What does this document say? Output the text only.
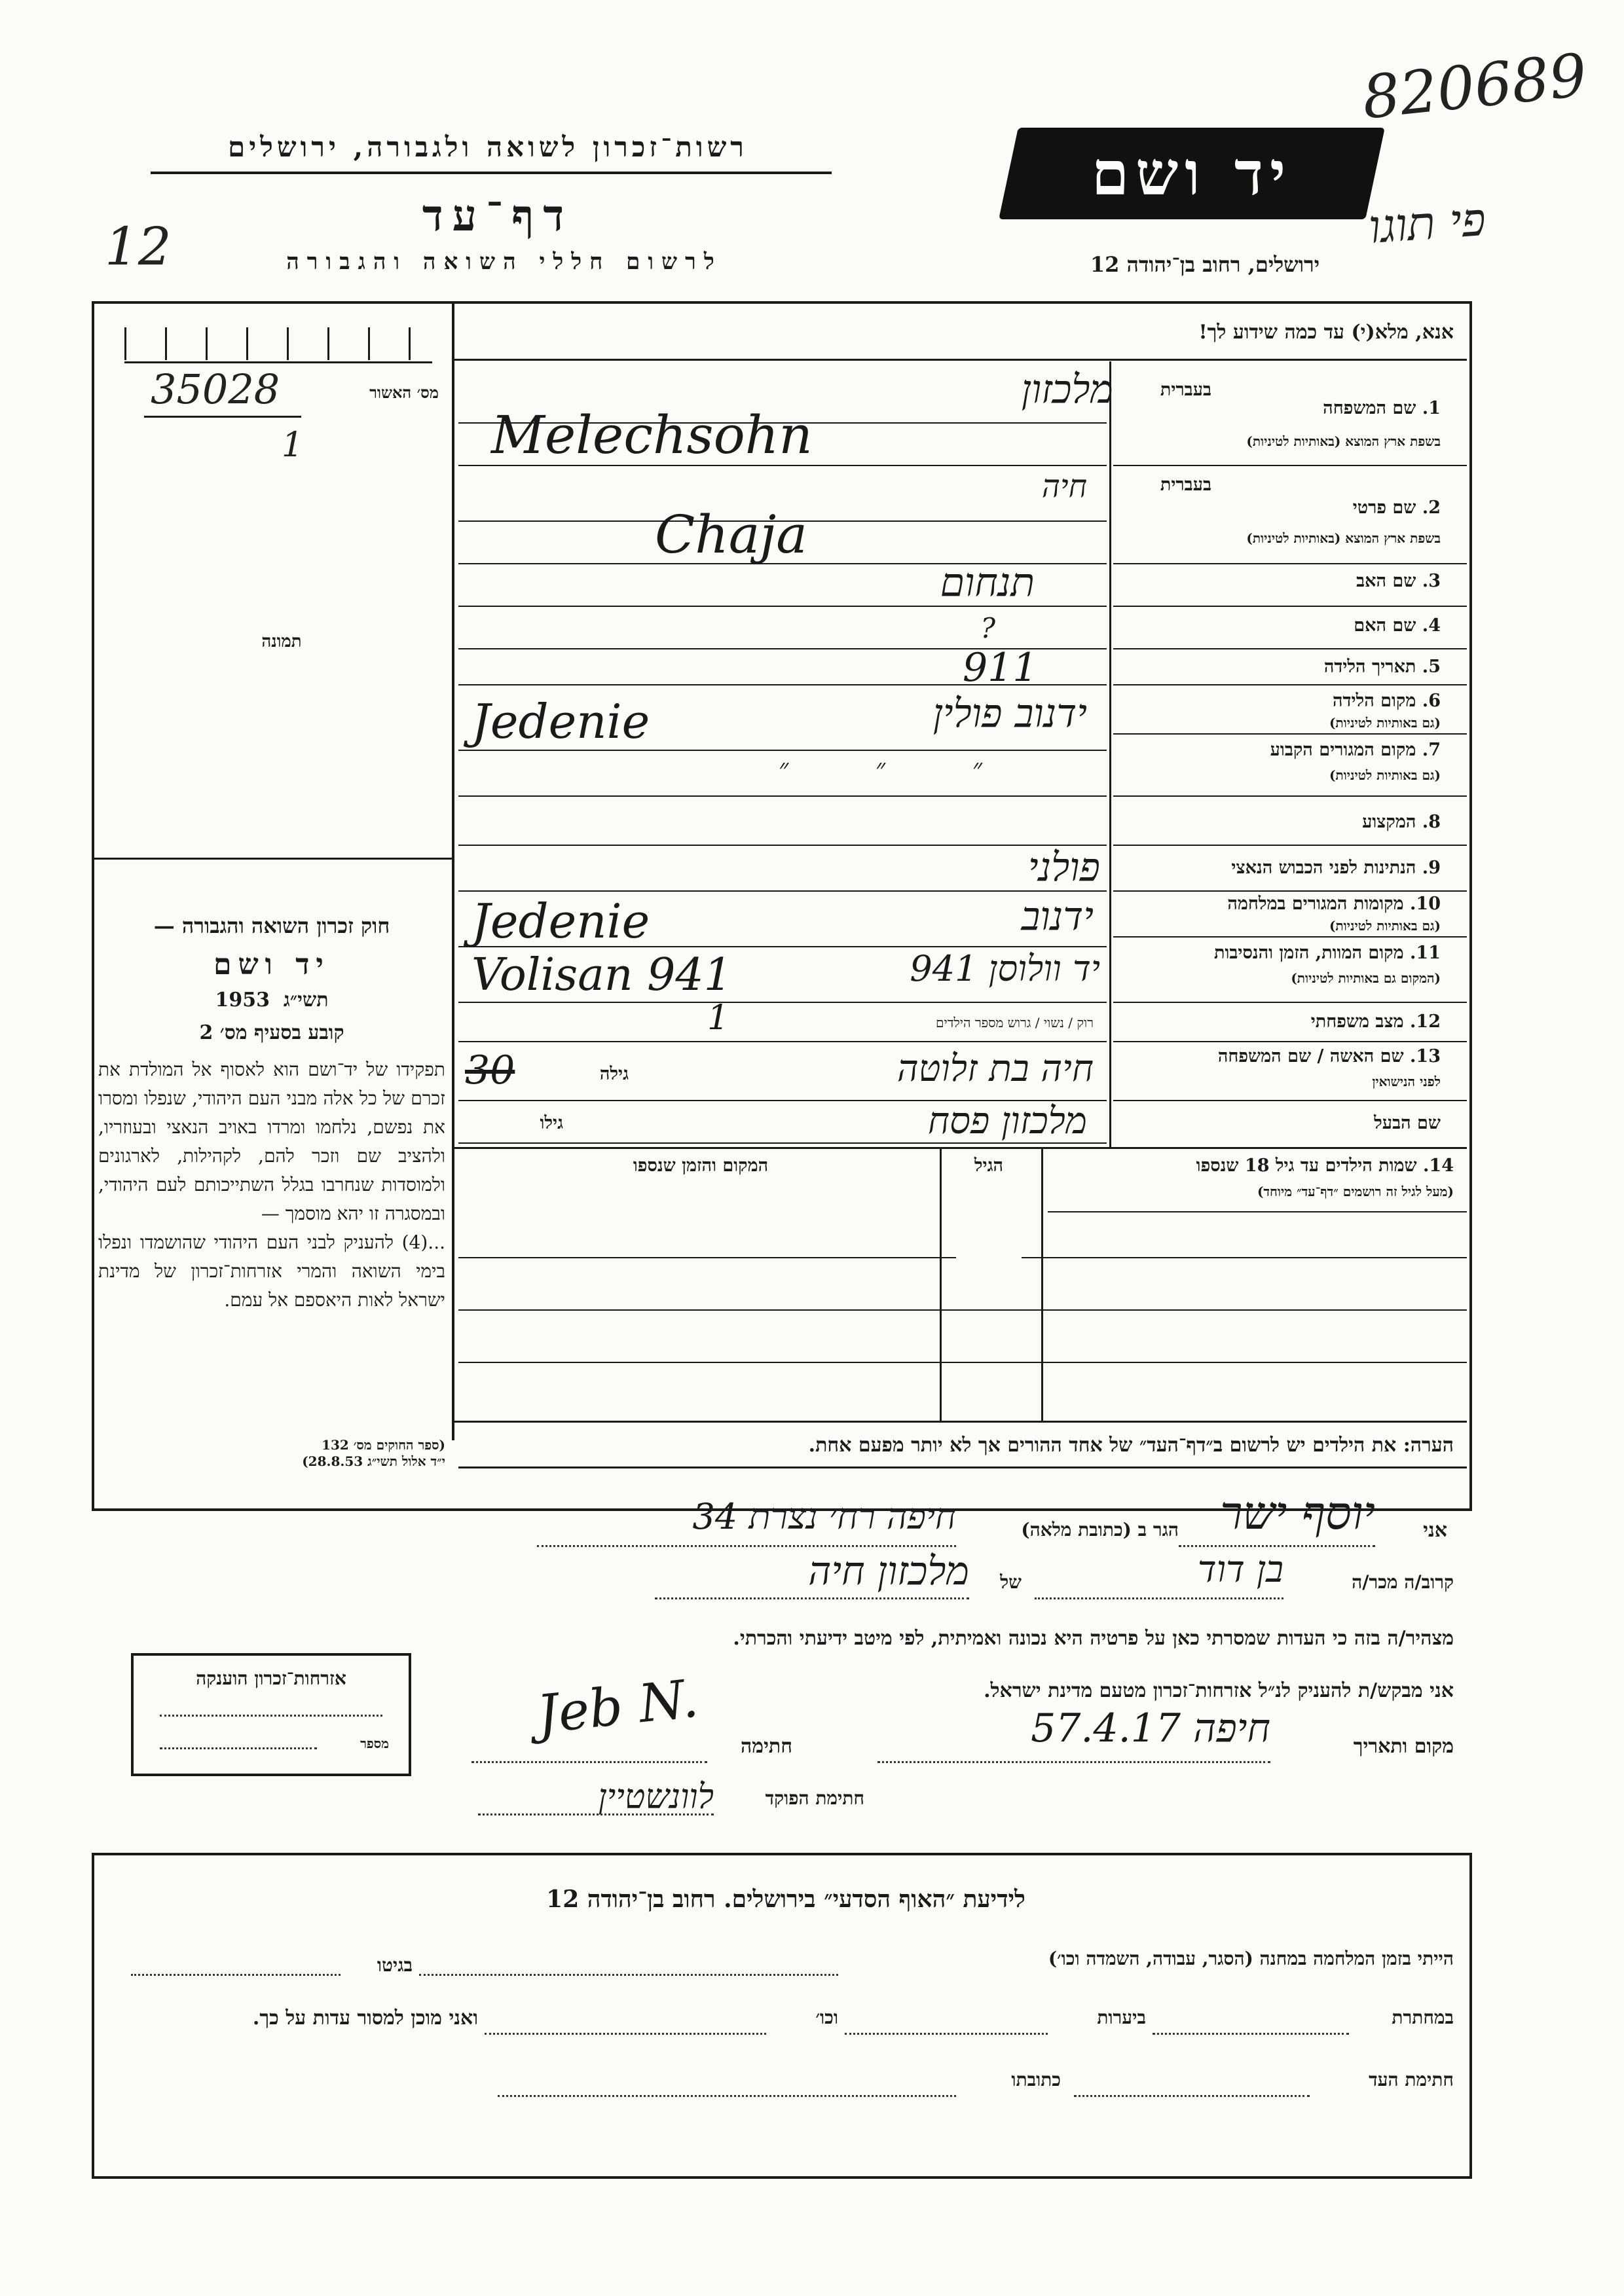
רשות־זכרון לשואה ולגבורה, ירושלים
דף־עד
לרשום חללי השואה והגבורה
12
יד ושם
ירושלים, רחוב בן־יהודה 12
820689
פי תוגו
אנא, מלא(י) עד כמה שידוע לך!
מס׳ האשור
35028
1
תמונה
1. שם המשפחה
בשפת ארץ המוצא (באותיות לטיניות)
בעברית
מלכזון
Melechsohn
בעברית
2. שם פרטי
בשפת ארץ המוצא (באותיות לטיניות)
חיה
Chaja
3. שם האב
תנחום
4. שם האם
?
5. תאריך הלידה
911
6. מקום הלידה
(גם באותיות לטיניות)
ידנוב פולין
Jedenie
7. מקום המגורים הקבוע
(גם באותיות לטיניות)
״ ״ ״
8. המקצוע
9. הנתינות לפני הכבוש הנאצי
פולני
10. מקומות המגורים במלחמה
(גם באותיות לטיניות)
ידנוב
Jedenie
11. מקום המוות, הזמן והנסיבות
(המקום גם באותיות לטיניות)
יד וולוסן 941
Volisan 941
12. מצב משפחתי
רוק / נשוי / גרוש מספר הילדים
1
13. שם האשה / שם המשפחה
לפני הנישואין
חיה בת זלוטה
גילה
30
שם הבעל
מלכזון פסח
גילו
14. שמות הילדים עד גיל 18 שנספו
(מעל לגיל זה רושמים ״דף־עד״ מיוחד)
הגיל
המקום והזמן שנספו
הערה: את הילדים יש לרשום ב״דף־העד״ של אחד ההורים אך לא יותר מפעם אחת.
חוק זכרון השואה והגבורה —
יד ושם
1953 תשי״ג
קובע בסעיף מס׳ 2
תפקידו של יד־ושם הוא לאסוף אל המולדת את זכרם של כל אלה מבני העם היהודי, שנפלו ומסרו את נפשם, נלחמו ומרדו באויב הנאצי ובעוזריו, ולהציב שם וזכר להם, לקהילות, לארגונים ולמוסדות שנחרבו בגלל השתייכותם לעם היהודי, ובמסגרה זו יהא מוסמך —
...(4) להעניק לבני העם היהודי שהושמדו ונפלו בימי השואה והמרי אזרחות־זכרון של מדינת ישראל לאות היאספם אל עמם.
(ספר החוקים מס׳ 132
י״ד אלול תשי״ג 28.8.53)
אני
יוסף ישר
הגר ב (כתובת מלאה)
חיפה רח׳ נצרת 34
קרוב/ה מכר/ה
בן דוד
של
מלכזון חיה
מצהיר/ה בזה כי העדות שמסרתי כאן על פרטיה היא נכונה ואמיתית, לפי מיטב ידיעתי והכרתי.
אני מבקש/ת להעניק לנ״ל אזרחות־זכרון מטעם מדינת ישראל.
מקום ותאריך
חיפה 57.4.17
חתימה
Jeb N.
חתימת הפוקד
לוונשטיין
אזרחות־זכרון הוענקה
מספר
לידיעת ״האוף הסדעי״ בירושלים. רחוב בן־יהודה 12
הייתי בזמן המלחמה במחנה (הסגר, עבודה, השמדה וכו׳)
בגיטו
במחתרת
ביערות
וכו׳
ואני מוכן למסור עדות על כך.
חתימת העד
כתובתו
